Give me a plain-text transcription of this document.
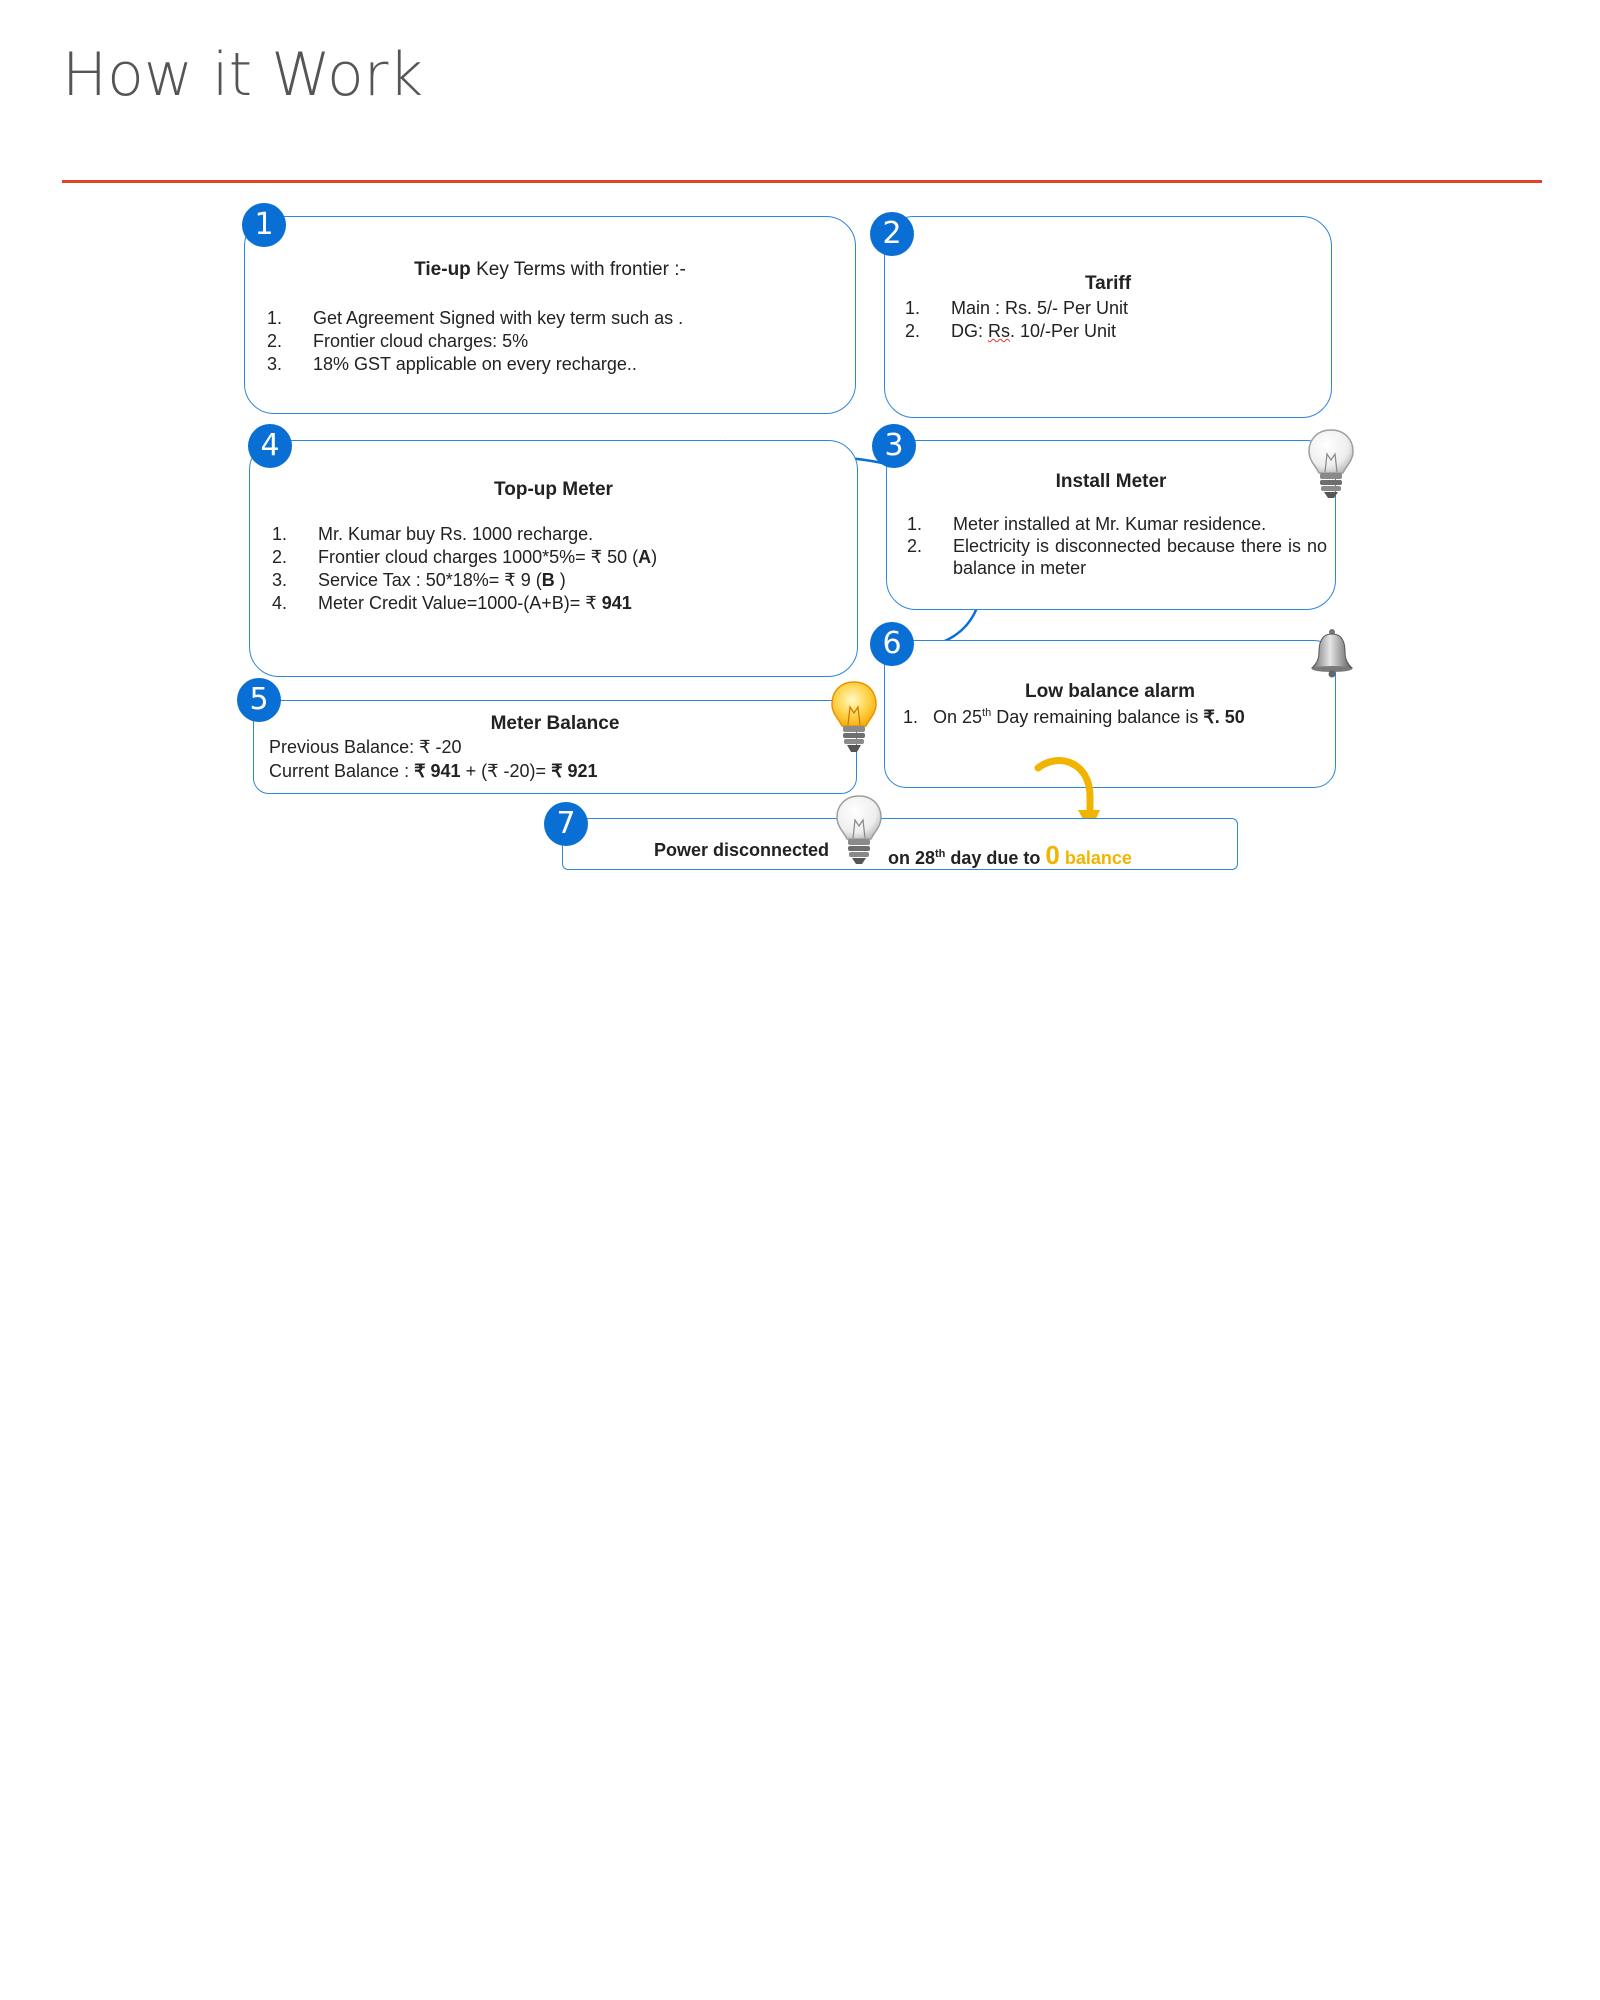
How it Work
Tie-up Key Terms with frontier :-
1.	Get Agreement Signed with key term such as .
2.	Frontier cloud charges: 5%
3.	18% GST applicable on every recharge..
1
Tariff
1.	Main : Rs. 5/- Per Unit
2.	DG: Rs. 10/-Per Unit
2
Top-up Meter
1.	Mr. Kumar buy Rs. 1000 recharge.
2.	Frontier cloud charges 1000*5%= ₹ 50 (A)
3.	Service Tax : 50*18%= ₹ 9 (B )
4.	Meter Credit Value=1000-(A+B)= ₹ 941
4
Install Meter
1. Meter installed at Mr. Kumar residence.
2.	Electricity is disconnected because there is no balance in meter
3
Meter Balance
Previous Balance: ₹ -20
Current Balance : ₹ 941 + (₹ -20)= ₹ 921
5	Low balance alarm
1. On 25th Day remaining balance is ₹. 50
6
7
Power disconnected	on 28th day due to 0 balance
